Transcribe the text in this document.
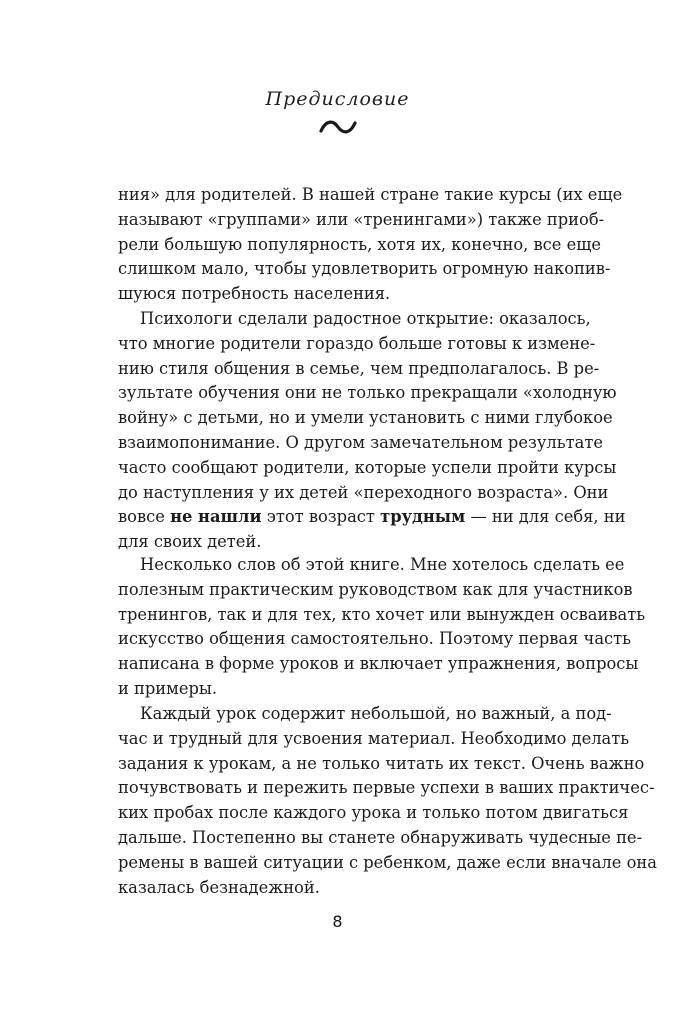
Предисловие
ния» для родителей. В нашей стране такие курсы (их еще
называют «группами» или «тренингами») также приоб-
рели большую популярность, хотя их, конечно, все еще
слишком мало, чтобы удовлетворить огромную накопив-
шуюся потребность населения.
Психологи сделали радостное открытие: оказалось,
что многие родители гораздо больше готовы к измене-
нию стиля общения в семье, чем предполагалось. В ре-
зультате обучения они не только прекращали «холодную
войну» с детьми, но и умели установить с ними глубокое
взаимопонимание. О другом замечательном результате
часто сообщают родители, которые успели пройти курсы
до наступления у их детей «переходного возраста». Они
вовсе не нашли этот возраст трудным — ни для себя, ни
для своих детей.
Несколько слов об этой книге. Мне хотелось сделать ее
полезным практическим руководством как для участников
тренингов, так и для тех, кто хочет или вынужден осваивать
искусство общения самостоятельно. Поэтому первая часть
написана в форме уроков и включает упражнения, вопросы
и примеры.
Каждый урок содержит небольшой, но важный, а под-
час и трудный для усвоения материал. Необходимо делать
задания к урокам, а не только читать их текст. Очень важно
почувствовать и пережить первые успехи в ваших практичес-
ких пробах после каждого урока и только потом двигаться
дальше. Постепенно вы станете обнаруживать чудесные пе-
ремены в вашей ситуации с ребенком, даже если вначале она
казалась безнадежной.
8
